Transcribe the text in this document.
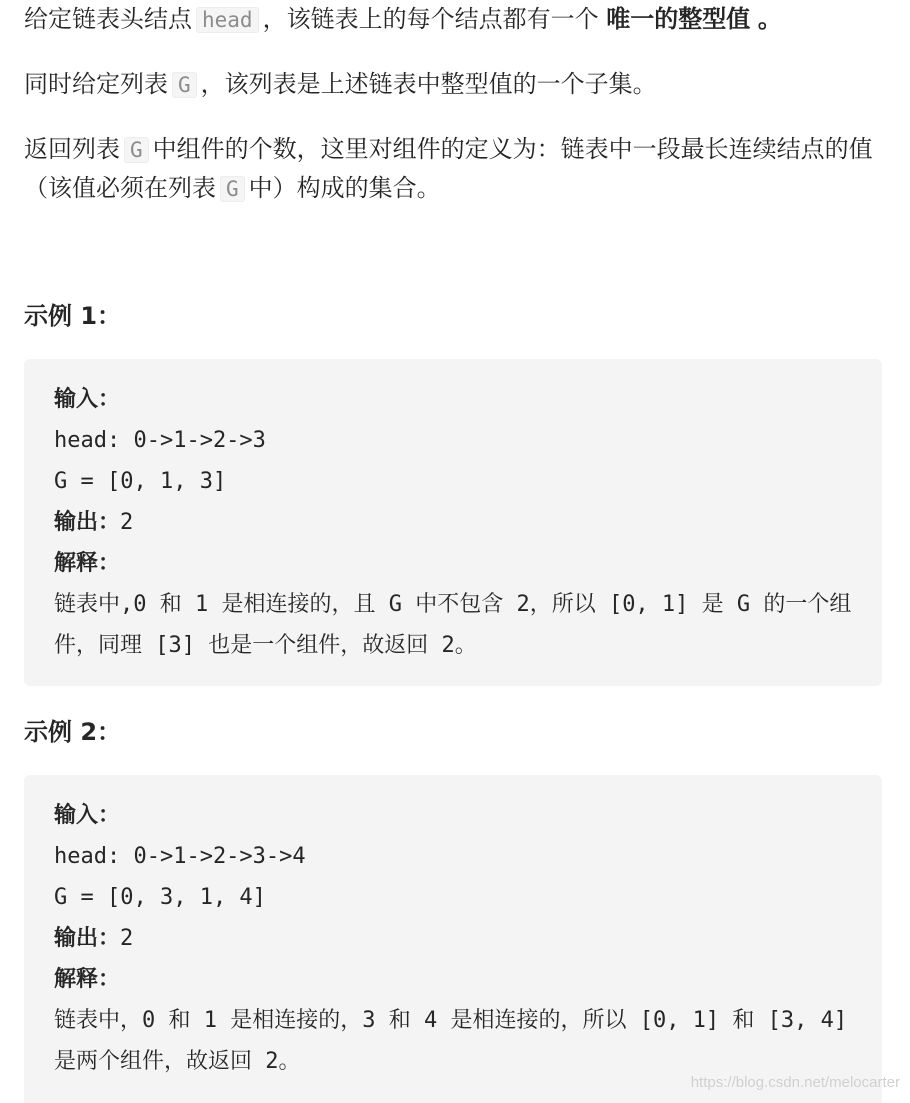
给定链表头结点 head ，该链表上的每个结点都有一个 唯一的整型值 。

同时给定列表 G ，该列表是上述链表中整型值的一个子集。

返回列表 G 中组件的个数，这里对组件的定义为：链表中一段最长连续结点的值（该值必须在列表 G 中）构成的集合。

示例 1：
输入：
head: 0->1->2->3
G = [0, 1, 3]
输出：2
解释：
链表中,0 和 1 是相连接的，且 G 中不包含 2，所以 [0, 1] 是 G 的一个组件，同理 [3] 也是一个组件，故返回 2。
示例 2：
输入：
head: 0->1->2->3->4
G = [0, 3, 1, 4]
输出：2
解释：
链表中，0 和 1 是相连接的，3 和 4 是相连接的，所以 [0, 1] 和 [3, 4] 是两个组件，故返回 2。
https://blog.csdn.net/melocarter
